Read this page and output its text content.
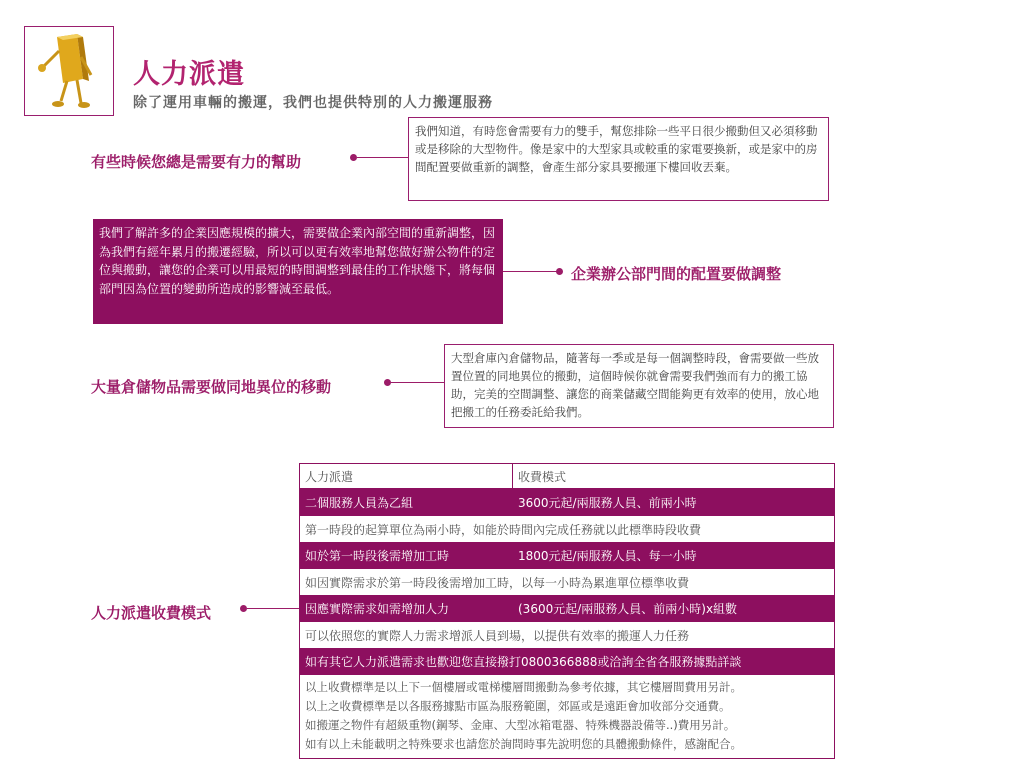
人力派遣
除了運用車輛的搬運，我們也提供特別的人力搬運服務
有些時候您總是需要有力的幫助
我們知道，有時您會需要有力的雙手，幫您排除一些平日很少搬動但又必須移動或是移除的大型物件。像是家中的大型家具或較重的家電要換新，或是家中的房間配置要做重新的調整，會產生部分家具要搬運下樓回收丟棄。
我們了解許多的企業因應規模的擴大，需要做企業內部空間的重新調整，因為我們有經年累月的搬遷經驗，所以可以更有效率地幫您做好辦公物件的定位與搬動，讓您的企業可以用最短的時間調整到最佳的工作狀態下，將每個部門因為位置的變動所造成的影響減至最低。
企業辦公部門間的配置要做調整
大量倉儲物品需要做同地異位的移動
大型倉庫內倉儲物品，隨著每一季或是每一個調整時段，會需要做一些放置位置的同地異位的搬動，這個時候你就會需要我們強而有力的搬工協助，完美的空間調整、讓您的商業儲藏空間能夠更有效率的使用，放心地把搬工的任務委託給我們。
人力派遣收費模式
人力派遣	收費模式
二個服務人員為乙組	3600元起/兩服務人員、前兩小時
第一時段的起算單位為兩小時，如能於時間內完成任務就以此標準時段收費
如於第一時段後需增加工時	1800元起/兩服務人員、每一小時
如因實際需求於第一時段後需增加工時，以每一小時為累進單位標準收費
因應實際需求如需增加人力	(3600元起/兩服務人員、前兩小時)x組數
可以依照您的實際人力需求增派人員到場，以提供有效率的搬運人力任務
如有其它人力派遣需求也歡迎您直接撥打0800366888或洽詢全省各服務據點詳談
以上收費標準是以上下一個樓層或電梯樓層間搬動為參考依據，其它樓層間費用另計。
以上之收費標準是以各服務據點市區為服務範圍，郊區或是遠距會加收部分交通費。
如搬運之物件有超級重物(鋼琴、金庫、大型冰箱電器、特殊機器設備等..)費用另計。
如有以上未能載明之特殊要求也請您於詢問時事先說明您的具體搬動條件，感謝配合。
